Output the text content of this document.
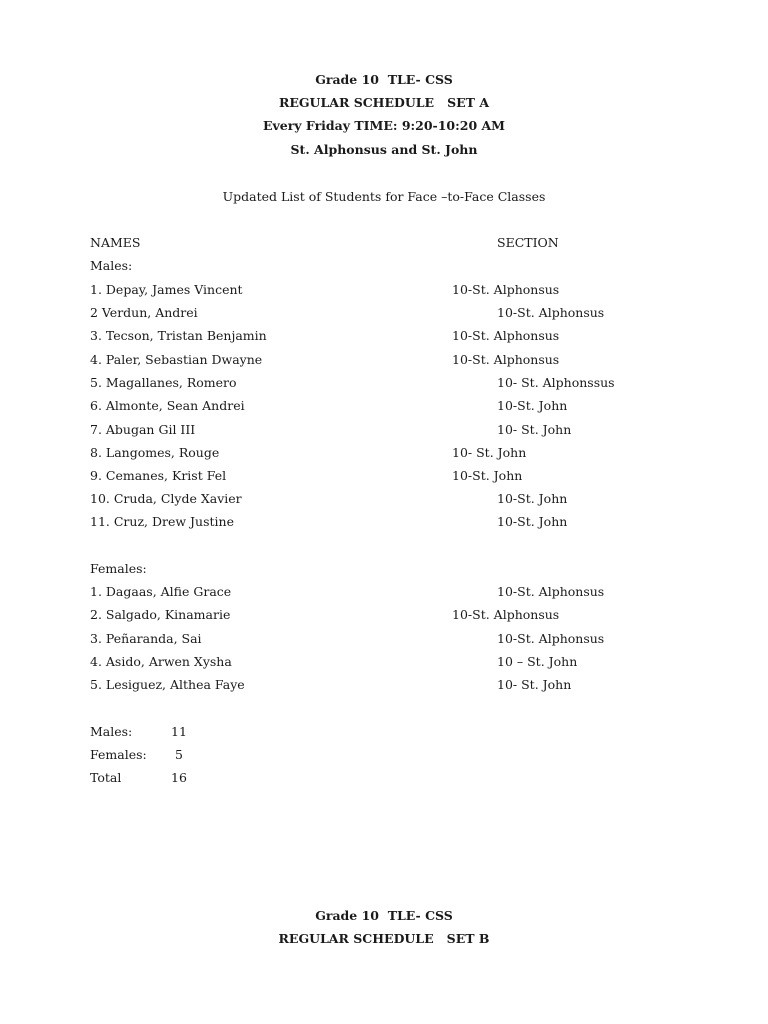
Grade 10  TLE- CSS
REGULAR SCHEDULE   SET A
Every Friday TIME: 9:20-10:20 AM
St. Alphonsus and St. John
Updated List of Students for Face –to-Face Classes
NAMES	SECTION
Males:
1. Depay, James Vincent	10-St. Alphonsus
2 Verdun, Andrei	10-St. Alphonsus
3. Tecson, Tristan Benjamin	10-St. Alphonsus
4. Paler, Sebastian Dwayne	10-St. Alphonsus
5. Magallanes, Romero	10- St. Alphonssus
6. Almonte, Sean Andrei	10-St. John
7. Abugan Gil III	10- St. John
8. Langomes, Rouge	10- St. John
9. Cemanes, Krist Fel	10-St. John
10. Cruda, Clyde Xavier	10-St. John
11. Cruz, Drew Justine	10-St. John
Females:
1. Dagaas, Alfie Grace	10-St. Alphonsus
2. Salgado, Kinamarie	10-St. Alphonsus
3. Peñaranda, Sai	10-St. Alphonsus
4. Asido, Arwen Xysha	10 – St. John
5. Lesiguez, Althea Faye	10- St. John
Males:	11
Females: 5
Total	16
Grade 10  TLE- CSS
REGULAR SCHEDULE   SET B
